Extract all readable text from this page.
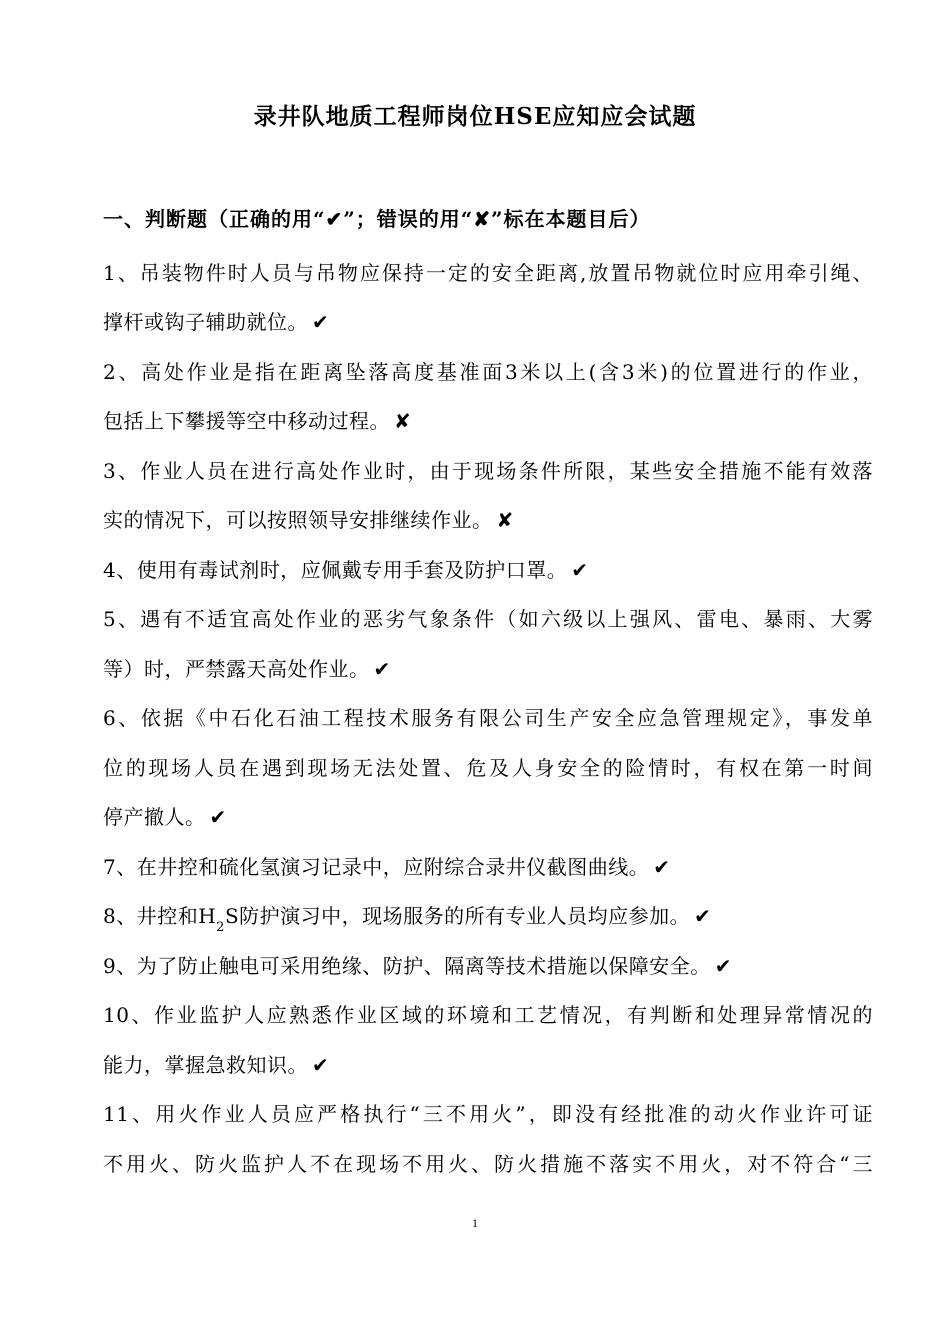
录井队地质工程师岗位HSE应知应会试题
一、判断题（正确的用“✔”；错误的用“✘”标在本题目后）
1、吊装物件时人员与吊物应保持一定的安全距离,放置吊物就位时应用牵引绳、
撑杆或钩子辅助就位。 ✔
2、高处作业是指在距离坠落高度基准面3米以上(含3米)的位置进行的作业，
包括上下攀援等空中移动过程。 ✘
3、作业人员在进行高处作业时，由于现场条件所限，某些安全措施不能有效落
实的情况下，可以按照领导安排继续作业。 ✘
4、使用有毒试剂时，应佩戴专用手套及防护口罩。 ✔
5、遇有不适宜高处作业的恶劣气象条件（如六级以上强风、雷电、暴雨、大雾
等）时，严禁露天高处作业。 ✔
6、依据《中石化石油工程技术服务有限公司生产安全应急管理规定》，事发单
位的现场人员在遇到现场无法处置、危及人身安全的险情时，有权在第一时间
停产撤人。 ✔
7、在井控和硫化氢演习记录中，应附综合录井仪截图曲线。 ✔
8、井控和$H_2S$防护演习中，现场服务的所有专业人员均应参加。 ✔
9、为了防止触电可采用绝缘、防护、隔离等技术措施以保障安全。 ✔
10、作业监护人应熟悉作业区域的环境和工艺情况，有判断和处理异常情况的
能力，掌握急救知识。 ✔
11、用火作业人员应严格执行“三不用火”，即没有经批准的动火作业许可证
不用火、防火监护人不在现场不用火、防火措施不落实不用火，对不符合“三
1
